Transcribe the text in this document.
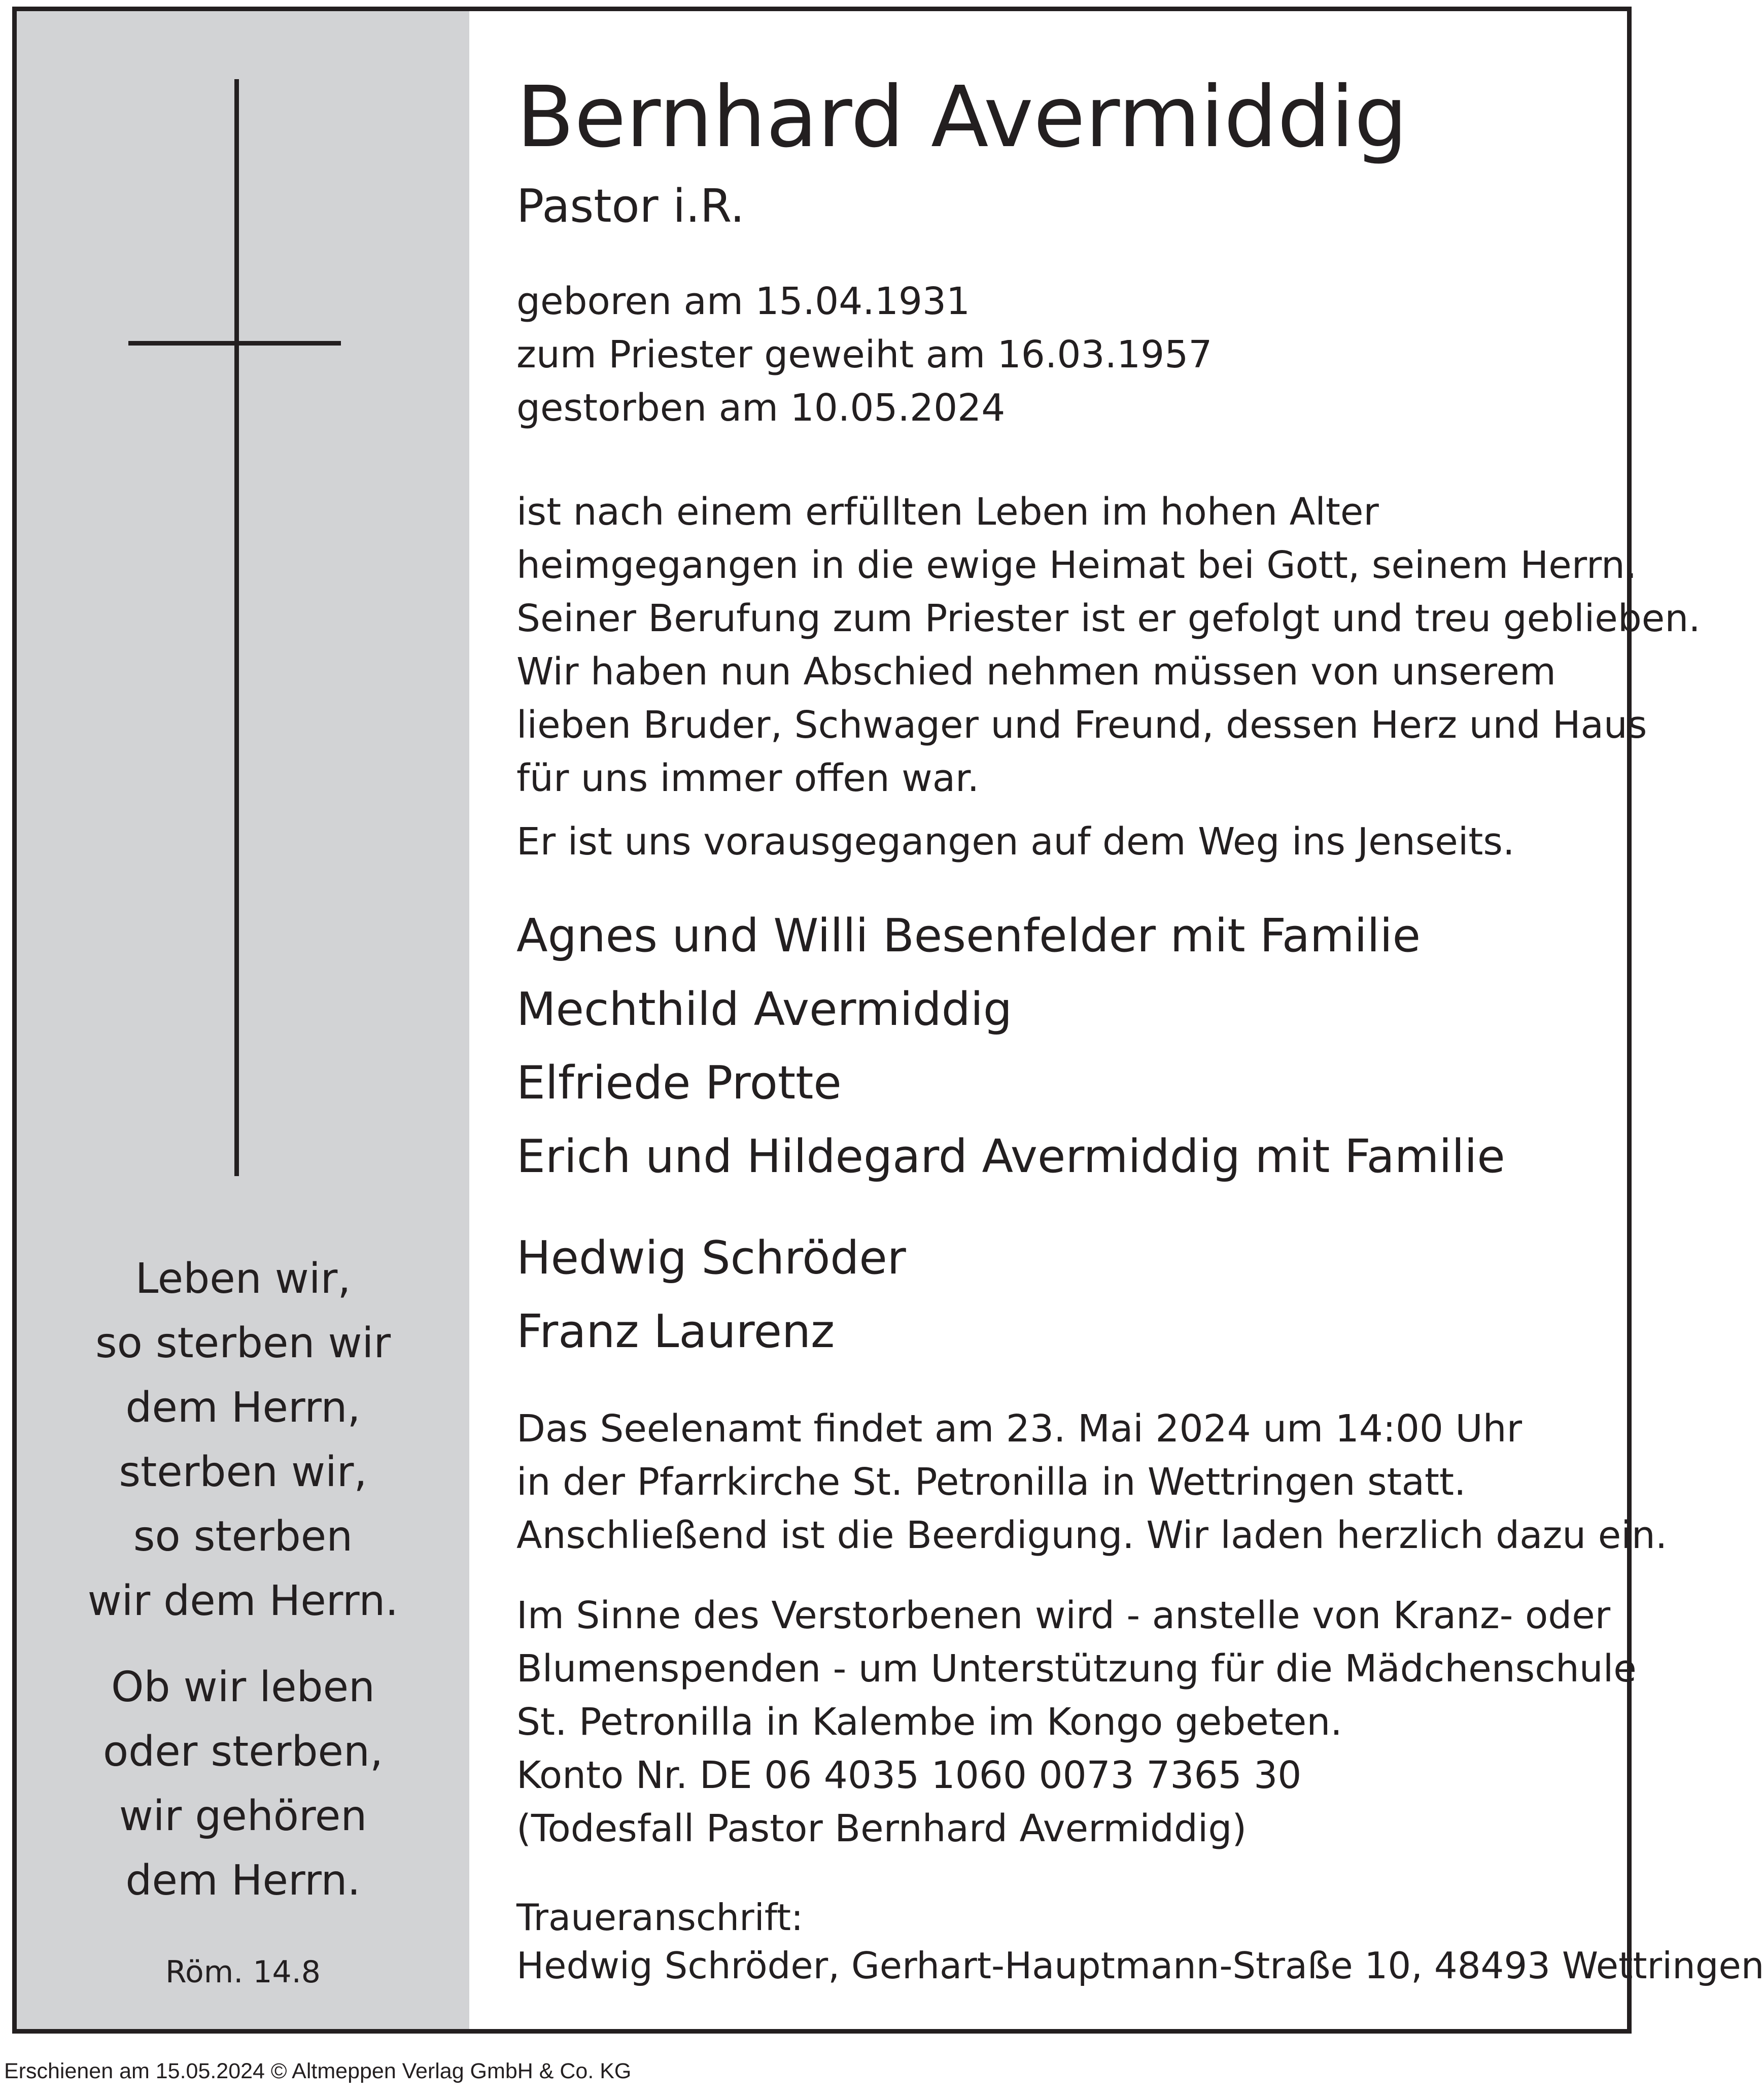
Leben wir,
so sterben wir
dem Herrn,
sterben wir,
so sterben
wir dem Herrn.
Ob wir leben
oder sterben,
wir gehören
dem Herrn.
Röm. 14.8
Bernhard Avermiddig
Pastor i.R.
geboren am 15.04.1931
zum Priester geweiht am 16.03.1957
gestorben am 10.05.2024
ist nach einem erfüllten Leben im hohen Alter
heimgegangen in die ewige Heimat bei Gott, seinem Herrn.
Seiner Berufung zum Priester ist er gefolgt und treu geblieben.
Wir haben nun Abschied nehmen müssen von unserem
lieben Bruder, Schwager und Freund, dessen Herz und Haus
für uns immer offen war.
Er ist uns vorausgegangen auf dem Weg ins Jenseits.
Agnes und Willi Besenfelder mit Familie
Mechthild Avermiddig
Elfriede Protte
Erich und Hildegard Avermiddig mit Familie
Hedwig Schröder
Franz Laurenz
Das Seelenamt findet am 23. Mai 2024 um 14:00 Uhr
in der Pfarrkirche St. Petronilla in Wettringen statt.
Anschließend ist die Beerdigung. Wir laden herzlich dazu ein.
Im Sinne des Verstorbenen wird - anstelle von Kranz- oder
Blumenspenden - um Unterstützung für die Mädchenschule
St. Petronilla in Kalembe im Kongo gebeten.
Konto Nr. DE 06 4035 1060 0073 7365 30
(Todesfall Pastor Bernhard Avermiddig)
Traueranschrift:
Hedwig Schröder, Gerhart-Hauptmann-Straße 10, 48493 Wettringen
Erschienen am 15.05.2024 © Altmeppen Verlag GmbH & Co. KG
